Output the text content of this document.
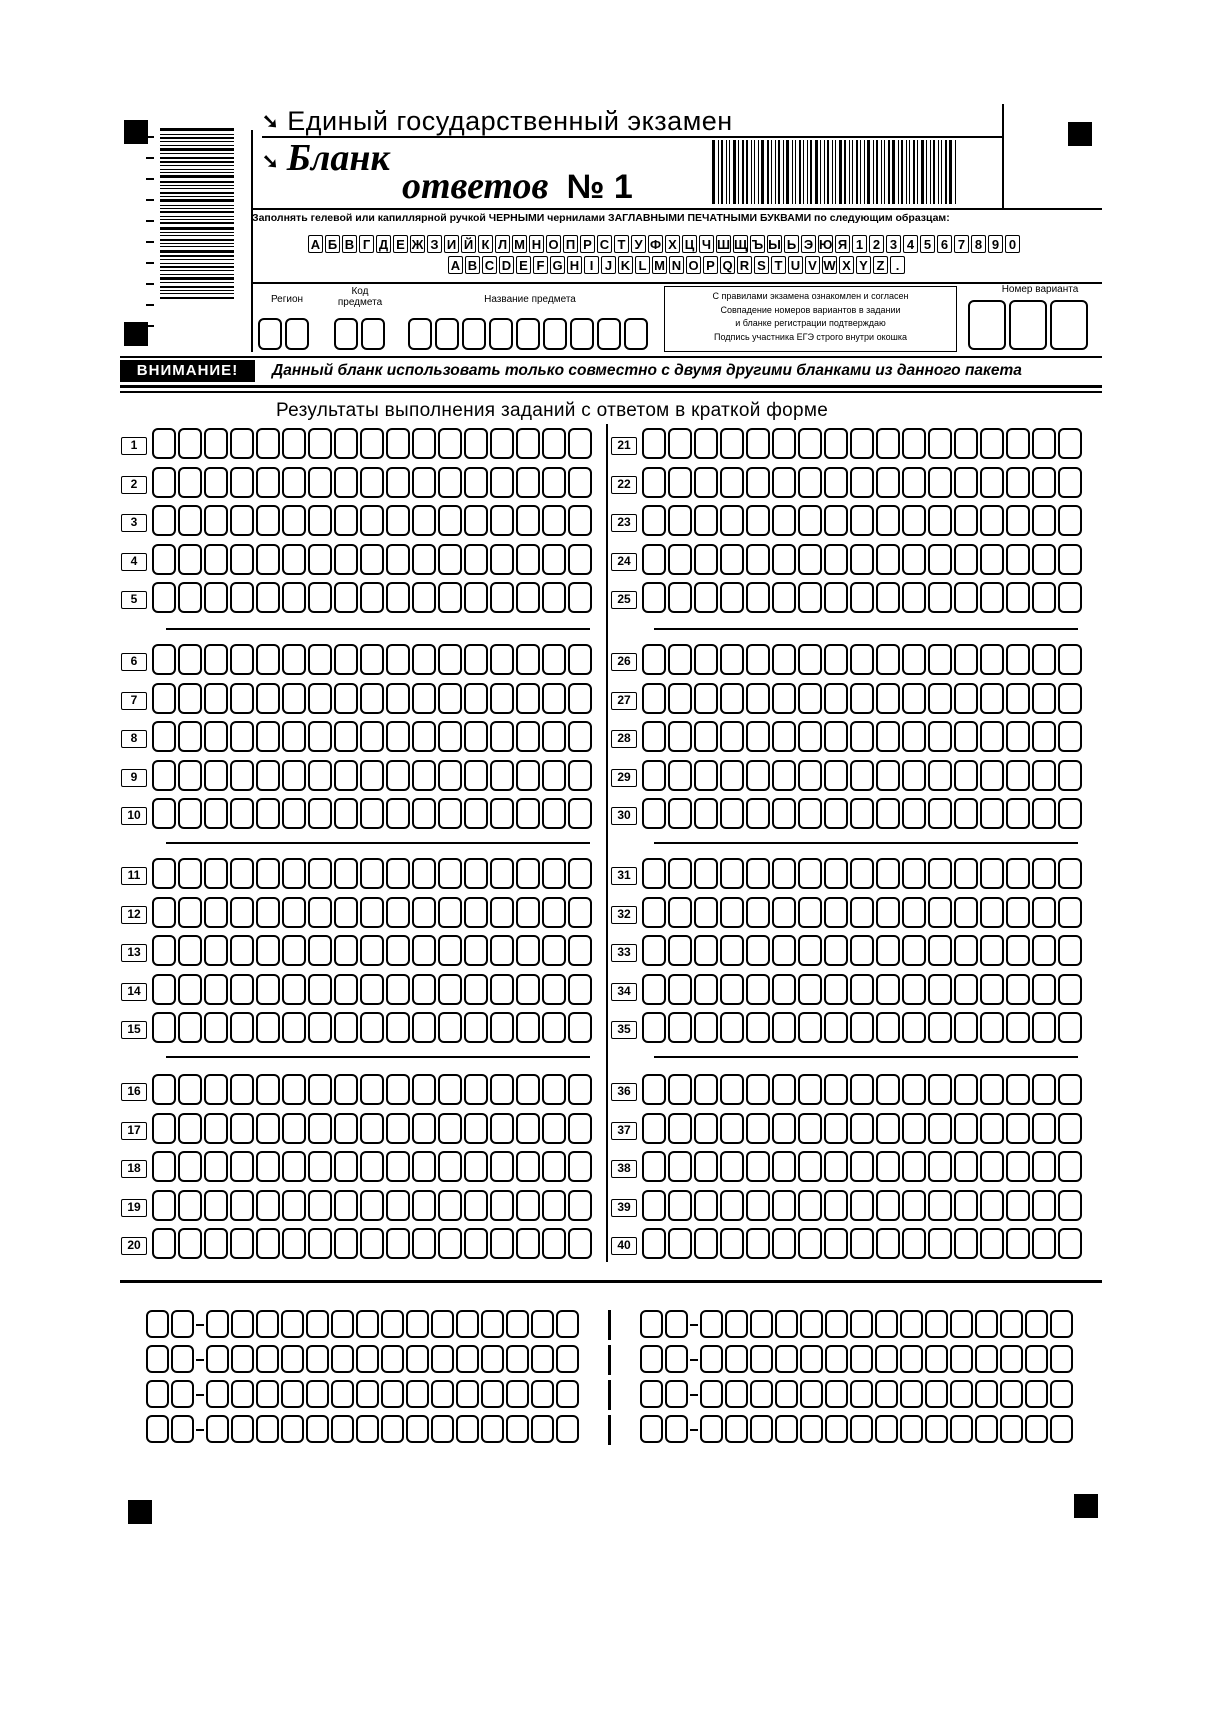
➘ Единый государственный экзамен
➘ Бланк
ответов № 1
Заполнять гелевой или капиллярной ручкой ЧЕРНЫМИ чернилами ЗАГЛАВНЫМИ ПЕЧАТНЫМИ БУКВАМИ по следующим образцам:
А Б В Г Д Е Ж З И Й К Л М Н О П Р С Т У Ф Х Ц Ч Ш Щ Ъ Ы Ь Э Ю Я 1 2 3 4 5 6 7 8 9 0
A B C D E F G H I J K L M N O P Q R S T U V W X Y Z .
Регион
Код предмета	Название предмета
Номер варианта
С правилами экзамена ознакомлен и согласен
Совпадение номеров вариантов в задании
и бланке регистрации подтверждаю
Подпись участника ЕГЭ строго внутри окошка
ВНИМАНИЕ!	Данный бланк использовать только совместно с двумя другими бланками из данного пакета
Результаты выполнения заданий с ответом в краткой форме
1
2
3
4
5
6
7
8
9
10
11
12
13
14
15
16
17
18
19
20
21
22
23
24
25
26
27
28
29
30
31
32
33
34
35
36
37
38
39
40
